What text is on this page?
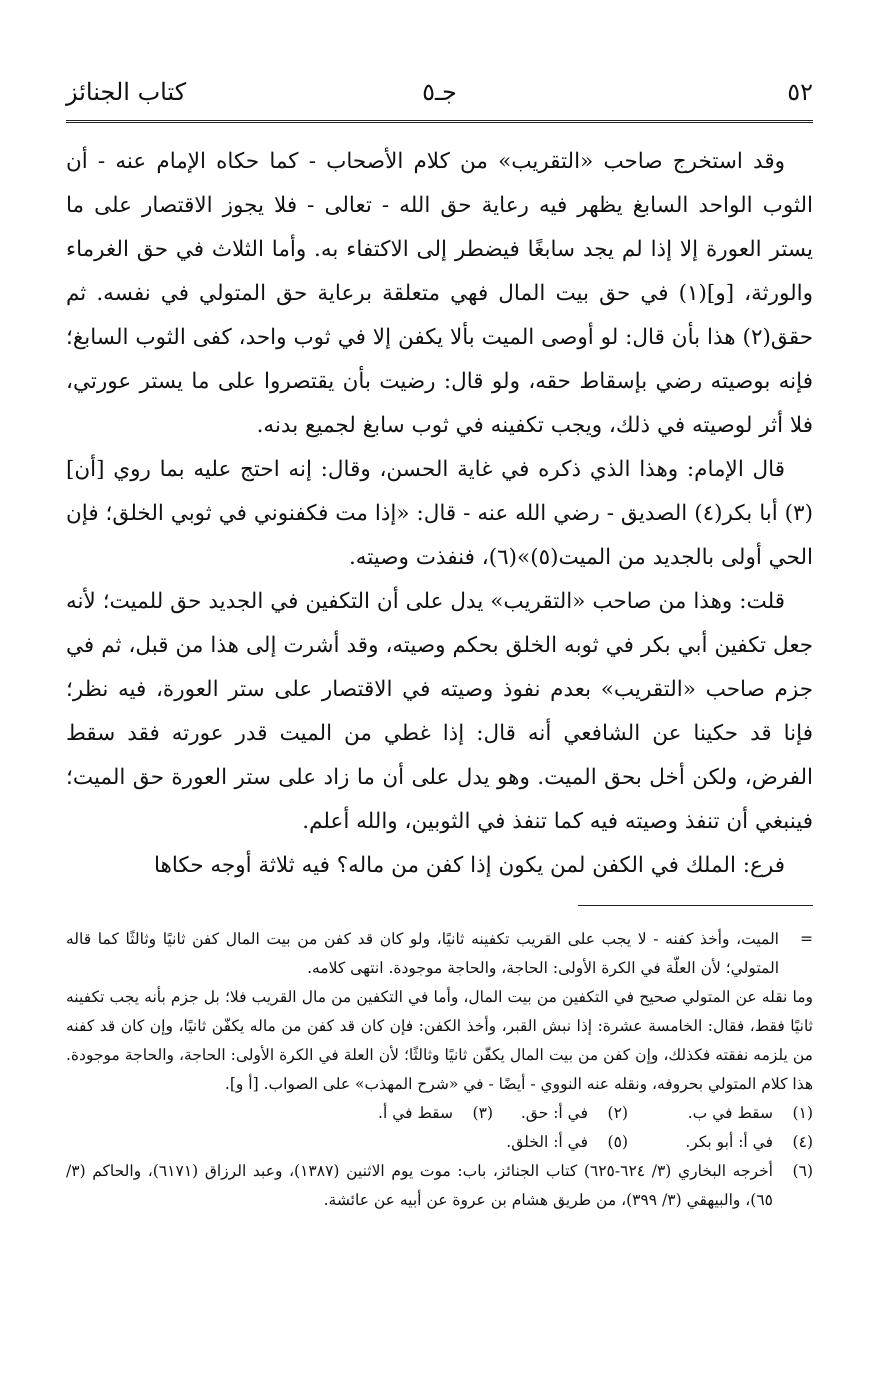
٥٢
جـ٥
كتاب الجنائز

وقد استخرج صاحب «التقريب» من كلام الأصحاب - كما حكاه الإمام عنه - أن الثوب الواحد السابغ يظهر فيه رعاية حق الله - تعالى - فلا يجوز الاقتصار على ما يستر العورة إلا إذا لم يجد سابغًا فيضطر إلى الاكتفاء به. وأما الثلاث في حق الغرماء والورثة، [و](١) في حق بيت المال فهي متعلقة برعاية حق المتولي في نفسه. ثم حقق(٢) هذا بأن قال: لو أوصى الميت بألا يكفن إلا في ثوب واحد، كفى الثوب السابغ؛ فإنه بوصيته رضي بإسقاط حقه، ولو قال: رضيت بأن يقتصروا على ما يستر عورتي، فلا أثر لوصيته في ذلك، ويجب تكفينه في ثوب سابغ لجميع بدنه.

قال الإمام: وهذا الذي ذكره في غاية الحسن، وقال: إنه احتج عليه بما روي [أن](٣) أبا بكر(٤) الصديق - رضي الله عنه - قال: «إذا مت فكفنوني في ثوبي الخلق؛ فإن الحي أولى بالجديد من الميت(٥)»(٦)، فنفذت وصيته.

قلت: وهذا من صاحب «التقريب» يدل على أن التكفين في الجديد حق للميت؛ لأنه جعل تكفين أبي بكر في ثوبه الخلق بحكم وصيته، وقد أشرت إلى هذا من قبل، ثم في جزم صاحب «التقريب» بعدم نفوذ وصيته في الاقتصار على ستر العورة، فيه نظر؛ فإنا قد حكينا عن الشافعي أنه قال: إذا غطي من الميت قدر عورته فقد سقط الفرض، ولكن أخل بحق الميت. وهو يدل على أن ما زاد على ستر العورة حق الميت؛ فينبغي أن تنفذ وصيته فيه كما تنفذ في الثوبين، والله أعلم.

فرع: الملك في الكفن لمن يكون إذا كفن من ماله؟ فيه ثلاثة أوجه حكاها

=

الميت، وأخذ كفنه - لا يجب على القريب تكفينه ثانيًا، ولو كان قد كفن من بيت المال كفن ثانيًا وثالثًا كما قاله المتولي؛ لأن العلّة في الكرة الأولى: الحاجة، والحاجة موجودة. انتهى كلامه.

وما نقله عن المتولي صحيح في التكفين من بيت المال، وأما في التكفين من مال القريب فلا؛ بل جزم بأنه يجب تكفينه ثانيًا فقط، فقال: الخامسة عشرة: إذا نبش القبر، وأخذ الكفن: فإن كان قد كفن من ماله يكفّن ثانيًا، وإن كان قد كفنه من يلزمه نفقته فكذلك، وإن كفن من بيت المال يكفّن ثانيًا وثالثًا؛ لأن العلة في الكرة الأولى: الحاجة، والحاجة موجودة. هذا كلام المتولي بحروفه، ونقله عنه النووي - أيضًا - في «شرح المهذب» على الصواب. [أ و].

(١)
سقط في ب.
(٢)
في أ: حق.
(٣)
سقط في أ.
(٤)
في أ: أبو بكر.
(٥)
في أ: الخلق.
(٦)
أخرجه البخاري (٣/ ٦٢٤-٦٢٥) كتاب الجنائز، باب: موت يوم الاثنين (١٣٨٧)، وعبد الرزاق (٦١٧١)، والحاكم (٣/ ٦٥)، والبيهقي (٣/ ٣٩٩)، من طريق هشام بن عروة عن أبيه عن عائشة.
